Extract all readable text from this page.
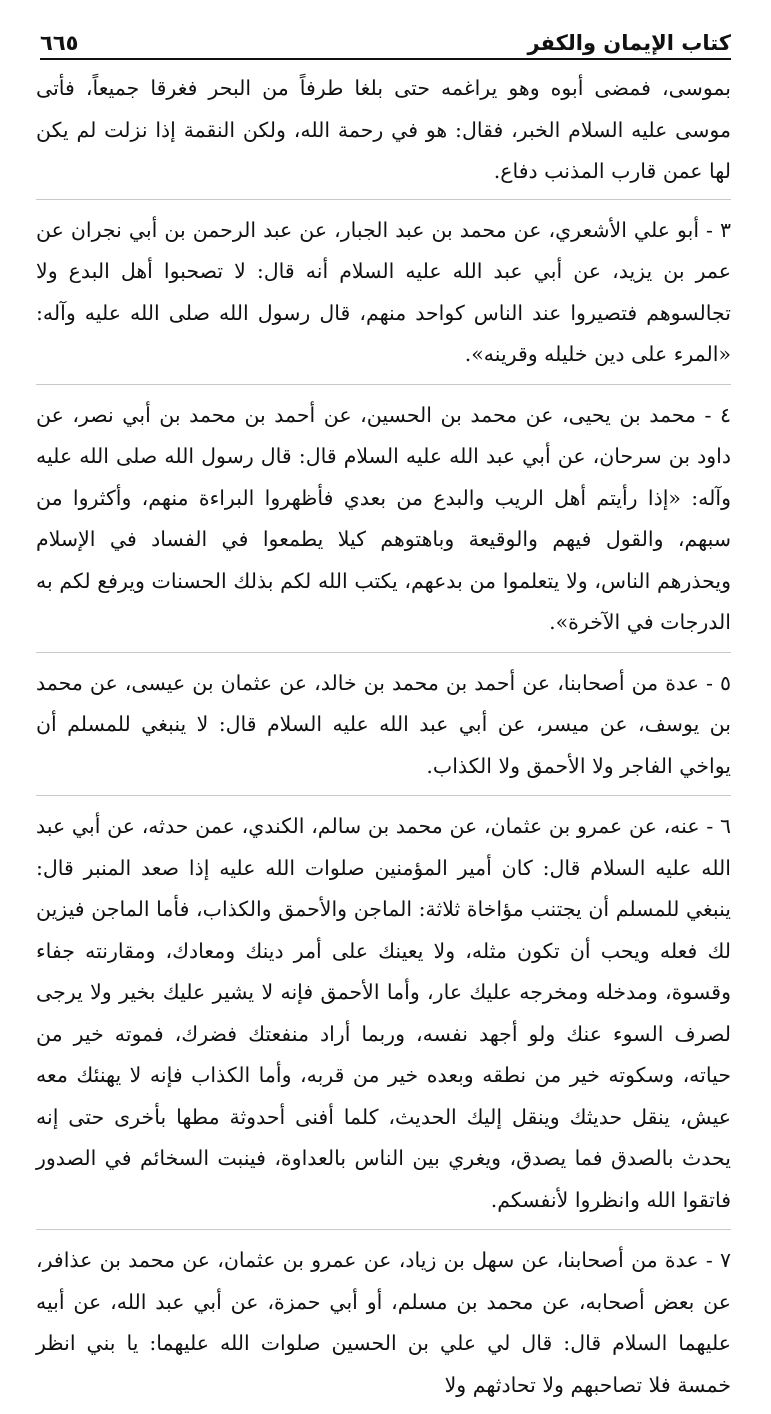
كتاب الإيمان والكفر
٦٦٥

بموسى، فمضى أبوه وهو يراغمه حتى بلغا طرفاً من البحر فغرقا جميعاً، فأتى موسى عليه السلام الخبر، فقال: هو في رحمة الله، ولكن النقمة إذا نزلت لم يكن لها عمن قارب المذنب دفاع.

٣ - أبو علي الأشعري، عن محمد بن عبد الجبار، عن عبد الرحمن بن أبي نجران عن عمر بن يزيد، عن أبي عبد الله عليه السلام أنه قال: لا تصحبوا أهل البدع ولا تجالسوهم فتصيروا عند الناس كواحد منهم، قال رسول الله صلى الله عليه وآله: «المرء على دين خليله وقرينه».

٤ - محمد بن يحيى، عن محمد بن الحسين، عن أحمد بن محمد بن أبي نصر، عن داود بن سرحان، عن أبي عبد الله عليه السلام قال: قال رسول الله صلى الله عليه وآله: «إذا رأيتم أهل الريب والبدع من بعدي فأظهروا البراءة منهم، وأكثروا من سبهم، والقول فيهم والوقيعة وباهتوهم كيلا يطمعوا في الفساد في الإسلام ويحذرهم الناس، ولا يتعلموا من بدعهم، يكتب الله لكم بذلك الحسنات ويرفع لكم به الدرجات في الآخرة».

٥ - عدة من أصحابنا، عن أحمد بن محمد بن خالد، عن عثمان بن عيسى، عن محمد بن يوسف، عن ميسر، عن أبي عبد الله عليه السلام قال: لا ينبغي للمسلم أن يواخي الفاجر ولا الأحمق ولا الكذاب.

٦ - عنه، عن عمرو بن عثمان، عن محمد بن سالم، الكندي، عمن حدثه، عن أبي عبد الله عليه السلام قال: كان أمير المؤمنين صلوات الله عليه إذا صعد المنبر قال: ينبغي للمسلم أن يجتنب مؤاخاة ثلاثة: الماجن والأحمق والكذاب، فأما الماجن فيزين لك فعله ويحب أن تكون مثله، ولا يعينك على أمر دينك ومعادك، ومقارنته جفاء وقسوة، ومدخله ومخرجه عليك عار، وأما الأحمق فإنه لا يشير عليك بخير ولا يرجى لصرف السوء عنك ولو أجهد نفسه، وربما أراد منفعتك فضرك، فموته خير من حياته، وسكوته خير من نطقه وبعده خير من قربه، وأما الكذاب فإنه لا يهنئك معه عيش، ينقل حديثك وينقل إليك الحديث، كلما أفنى أحدوثة مطها بأخرى حتى إنه يحدث بالصدق فما يصدق، ويغري بين الناس بالعداوة، فينبت السخائم في الصدور فاتقوا الله وانظروا لأنفسكم.

٧ - عدة من أصحابنا، عن سهل بن زياد، عن عمرو بن عثمان، عن محمد بن عذافر، عن بعض أصحابه، عن محمد بن مسلم، أو أبي حمزة، عن أبي عبد الله، عن أبيه عليهما السلام قال: قال لي علي بن الحسين صلوات الله عليهما: يا بني انظر خمسة فلا تصاحبهم ولا تحادثهم ولا
